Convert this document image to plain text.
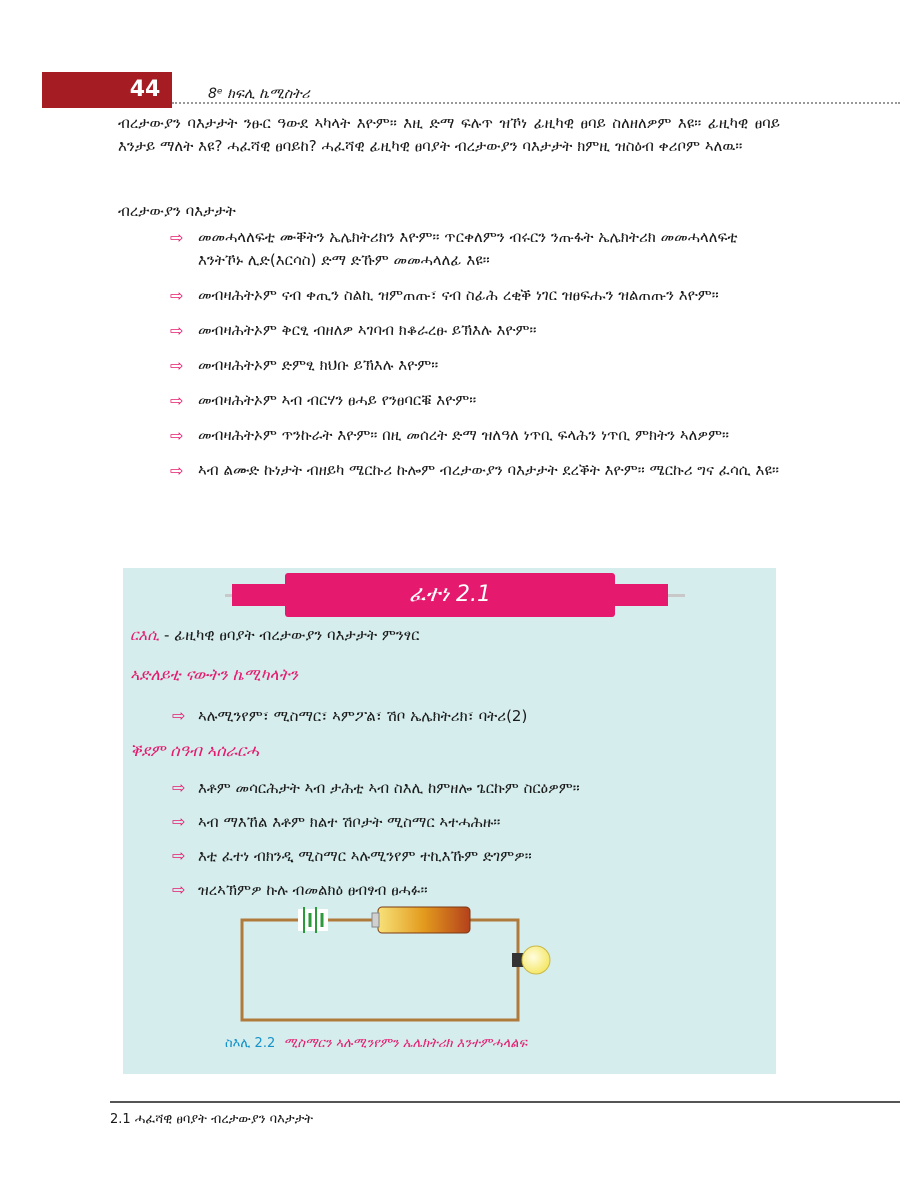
44	8ᵉ ክፍሊ ኬሚስትሪ

ብረታውያን ባእታታት ንፁር ዓውደ ኣካላት እዮም። እዚ ድማ ፍሉጥ ዝኾነ ፊዚካዊ ፀባይ ስለዘለዎም እዩ። ፊዚካዊ ፀባይ እንታይ ማለት እዩ? ሓፈሻዊ ፀባይከ? ሓፈሻዊ ፊዚካዊ ፀባያት ብረታውያን ባእታታት ክምዚ ዝስዕብ ቀሪቦም ኣለዉ።

ብረታውያን ባእታታት

⇨ መመሓላለፍቲ ሙቐትን ኤሌክትሪክን እዮም። ጥርቀለምን ብሩርን ንጡፋት ኤሌክትሪክ መመሓላለፍቲ እንትኾኑ ሊድ(እርሳስ) ድማ ድኹም መመሓላለፊ እዩ።
⇨ መብዛሕትኦም ናብ ቀጢን ስልኪ ዝምጠጡ፣ ናብ ስፊሕ ረቂቕ ነገር ዝፀፍሑን ዝልጠጡን እዮም።
⇨ መብዛሕትኦም ቅርፂ ብዘለዎ ኣገባብ ክቆራረፁ ይኽእሉ እዮም።
⇨ መብዛሕትኦም ድምፂ ክህቡ ይኽእሉ እዮም።
⇨ መብዛሕትኦም ኣብ ብርሃን ፀሓይ የንፀባርቑ እዮም።
⇨ መብዛሕትኦም ጥንኩራት እዮም። በዚ መሰረት ድማ ዝለዓለ ነጥቢ ፍላሕን ነጥቢ ምክትን ኣለዎም።
⇨ ኣብ ልሙድ ኩነታት ብዘይካ ሜርኩሪ ኩሎም ብረታውያን ባእታታት ደረቕት እዮም። ሜርኩሪ ግና ፈሳሲ እዩ።
ፈተነ 2.1

ርእሲ - ፊዚካዊ ፀባያት ብረታውያን ባእታታት ምንፃር

ኣድለይቲ ናውትን ኬሚካላትን

⇨ ኣሉሚንየም፣ ሚስማር፣ ኣምፖል፣ ሽቦ ኤሌክትሪክ፣ ባትሪ(2)

ቕደም ሰዓብ ኣሰራርሓ

⇨ እቶም መሳርሕታት ኣብ ታሕቲ ኣብ ስእሊ ከምዘሎ ጌርኩም ስርዕዎም።
⇨ ኣብ ማእኸል እቶም ክልተ ሽቦታት ሚስማር ኣተሓሕዙ።
⇨ እቲ ፈተነ ብክንዲ ሚስማር ኣሉሚንየም ተኪእኹም ድገምዎ።
⇨ ዝረኣኽምዎ ኩሉ ብመልክዕ ፀብፃብ ፀሓፉ።

ስእሊ 2.2 ሚስማርን ኣሉሚንየምን ኤሌክትሪክ እንተምሓላልፍ

2.1 ሓፈሻዊ ፀባያት ብረታውያን ባእታታት
